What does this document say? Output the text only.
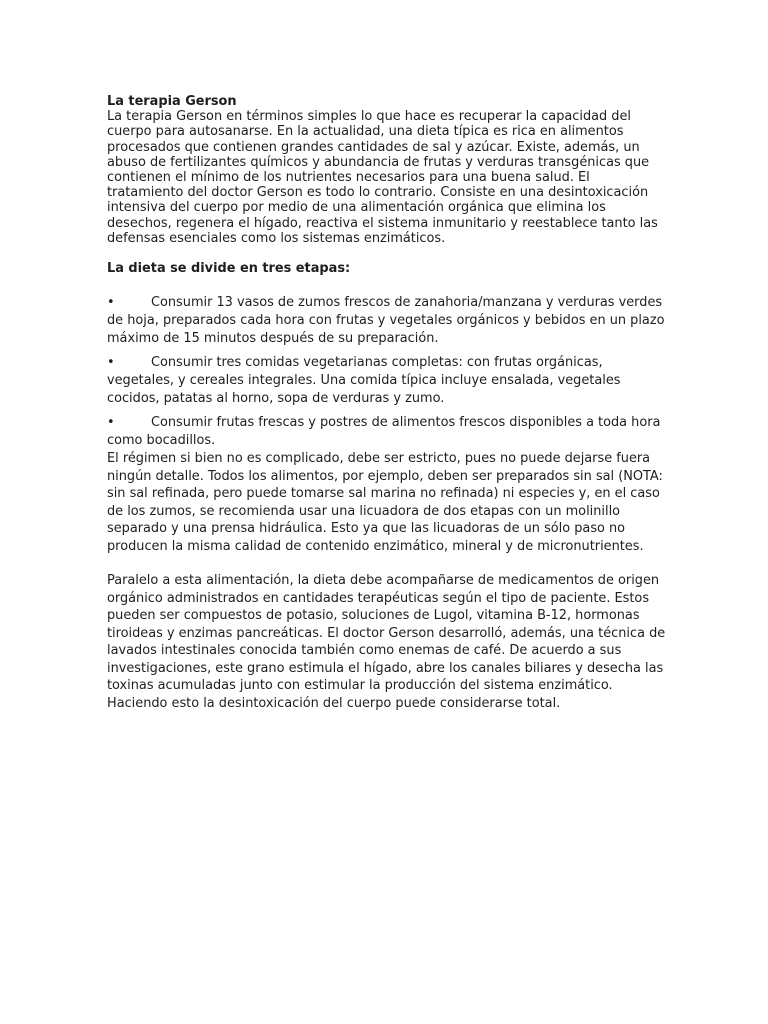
La terapia Gerson

La terapia Gerson en términos simples lo que hace es recuperar la capacidad del cuerpo para autosanarse. En la actualidad, una dieta típica es rica en alimentos procesados que contienen grandes cantidades de sal y azúcar. Existe, además, un abuso de fertilizantes químicos y abundancia de frutas y verduras transgénicas que contienen el mínimo de los nutrientes necesarios para una buena salud. El tratamiento del doctor Gerson es todo lo contrario. Consiste en una desintoxicación intensiva del cuerpo por medio de una alimentación orgánica que elimina los desechos, regenera el hígado, reactiva el sistema inmunitario y reestablece tanto las defensas esenciales como los sistemas enzimáticos.

La dieta se divide en tres etapas:

•	Consumir 13 vasos de zumos frescos de zanahoria/manzana y verduras verdes de hoja, preparados cada hora con frutas y vegetales orgánicos y bebidos en un plazo máximo de 15 minutos después de su preparación.
•	Consumir tres comidas vegetarianas completas: con frutas orgánicas, vegetales, y cereales integrales. Una comida típica incluye ensalada, vegetales cocidos, patatas al horno, sopa de verduras y zumo.
•	Consumir frutas frescas y postres de alimentos frescos disponibles a toda hora como bocadillos.

El régimen si bien no es complicado, debe ser estricto, pues no puede dejarse fuera ningún detalle. Todos los alimentos, por ejemplo, deben ser preparados sin sal (NOTA: sin sal refinada, pero puede tomarse sal marina no refinada) ni especies y, en el caso de los zumos, se recomienda usar una licuadora de dos etapas con un molinillo separado y una prensa hidráulica. Esto ya que las licuadoras de un sólo paso no producen la misma calidad de contenido enzimático, mineral y de micronutrientes.

Paralelo a esta alimentación, la dieta debe acompañarse de medicamentos de origen orgánico administrados en cantidades terapéuticas según el tipo de paciente. Estos pueden ser compuestos de potasio, soluciones de Lugol, vitamina B-12, hormonas tiroideas y enzimas pancreáticas. El doctor Gerson desarrolló, además, una técnica de lavados intestinales conocida también como enemas de café. De acuerdo a sus investigaciones, este grano estimula el hígado, abre los canales biliares y desecha las toxinas acumuladas junto con estimular la producción del sistema enzimático. Haciendo esto la desintoxicación del cuerpo puede considerarse total.
